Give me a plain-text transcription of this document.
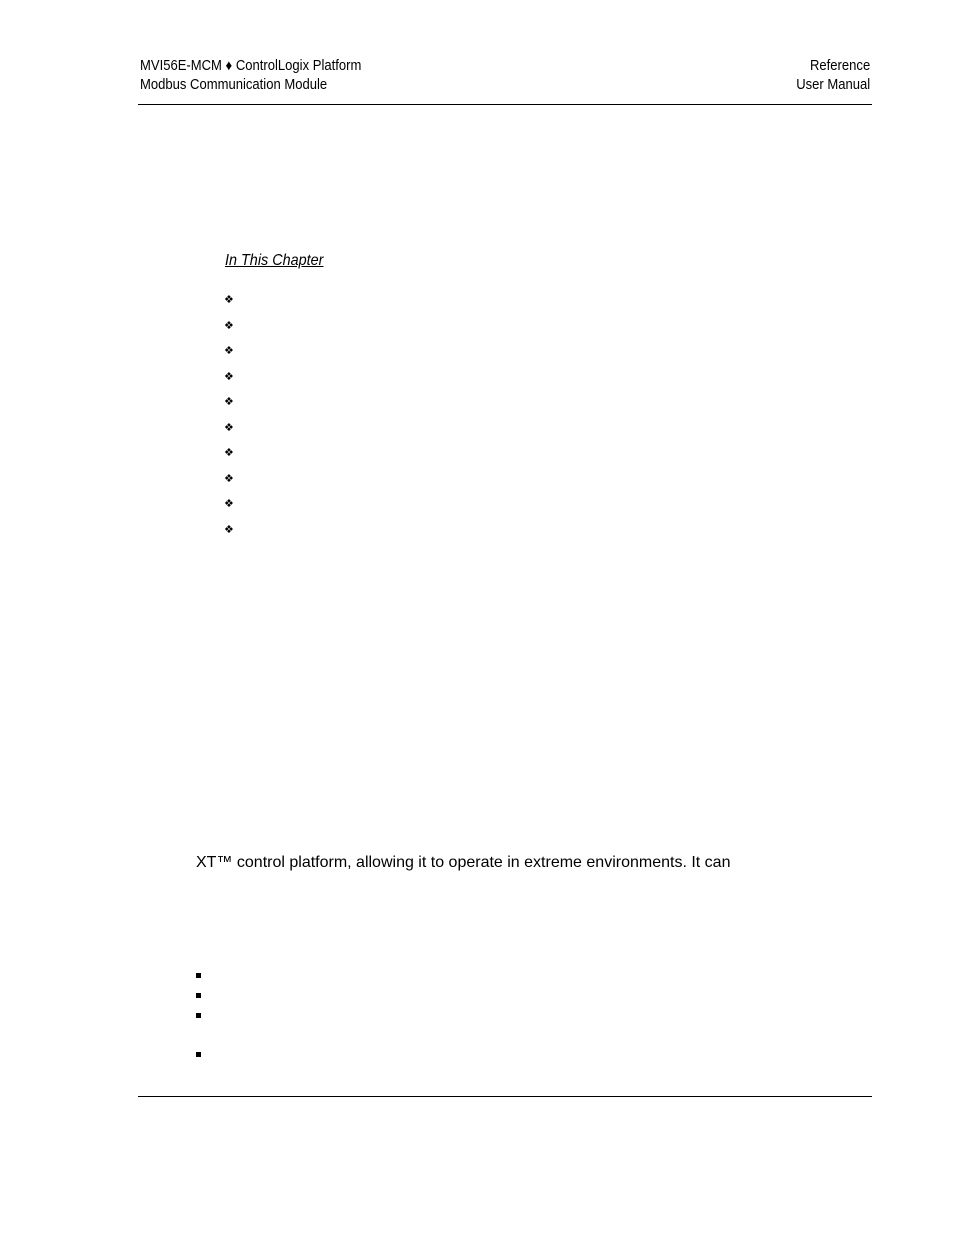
MVI56E-MCM ♦ ControlLogix Platform
Modbus Communication Module
Reference
User Manual
In This Chapter
❖
❖
❖
❖
❖
❖
❖
❖
❖
❖
XT™ control platform, allowing it to operate in extreme environments. It can
